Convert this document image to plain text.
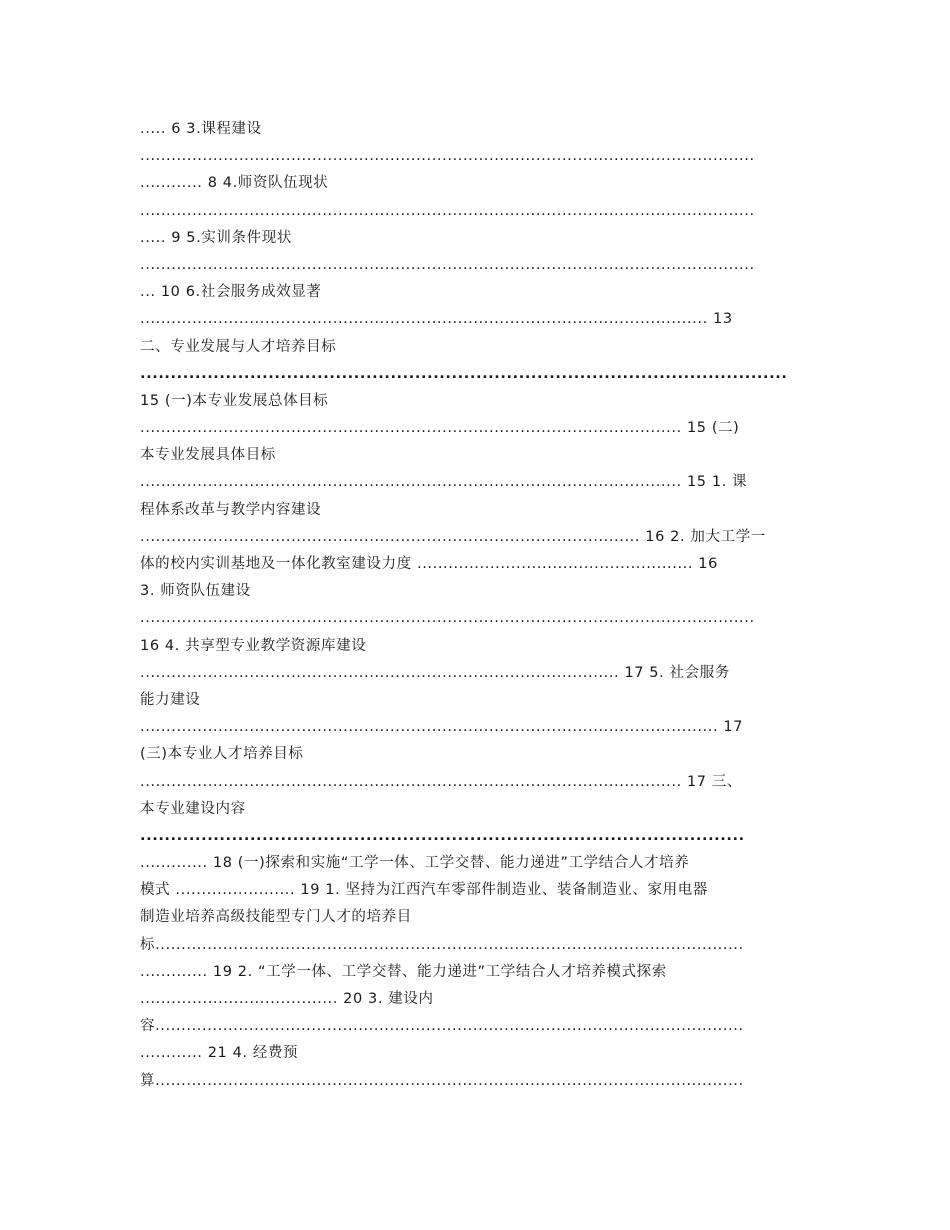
..... 6 3.课程建设
......................................................................................................................
............ 8 4.师资队伍现状
......................................................................................................................
..... 9 5.实训条件现状
......................................................................................................................
... 10 6.社会服务成效显著
............................................................................................................. 13
二、专业发展与人才培养目标
..........................................................................................................
15 (一)本专业发展总体目标
........................................................................................................ 15 (二)
本专业发展具体目标
........................................................................................................ 15 1. 课
程体系改革与教学内容建设
................................................................................................ 16 2. 加大工学一
体的校内实训基地及一体化教室建设力度 ..................................................... 16
3. 师资队伍建设
......................................................................................................................
16 4. 共享型专业教学资源库建设
............................................................................................ 17 5. 社会服务
能力建设
............................................................................................................... 17
(三)本专业人才培养目标
........................................................................................................ 17 三、
本专业建设内容
...................................................................................................
............. 18 (一)探索和实施“工学一体、工学交替、能力递进”工学结合人才培养
模式 ....................... 19 1. 坚持为江西汽车零部件制造业、装备制造业、家用电器
制造业培养高级技能型专门人才的培养目
标.................................................................................................................
............. 19 2. “工学一体、工学交替、能力递进”工学结合人才培养模式探索
...................................... 20 3. 建设内
容.................................................................................................................
............ 21 4. 经费预
算.................................................................................................................
